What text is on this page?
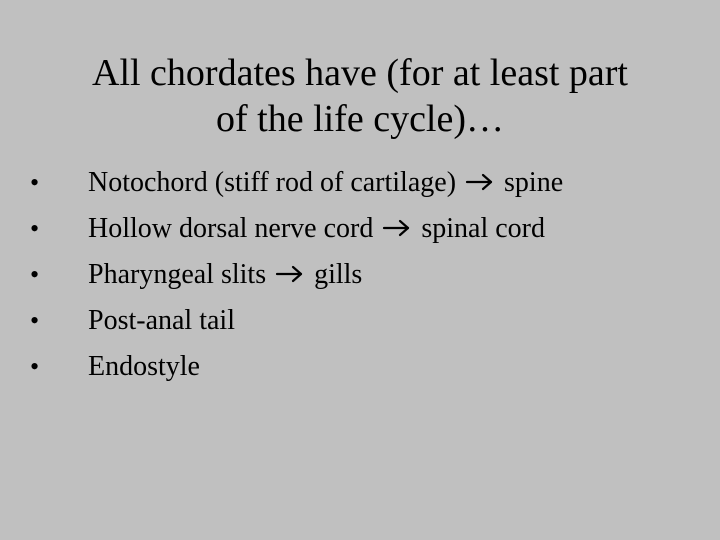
All chordates have (for at least part
of the life cycle)…
•	Notochord (stiff rod of cartilage) spine
•	Hollow dorsal nerve cord spinal cord
•	Pharyngeal slits gills
•	Post-anal tail
•	Endostyle
